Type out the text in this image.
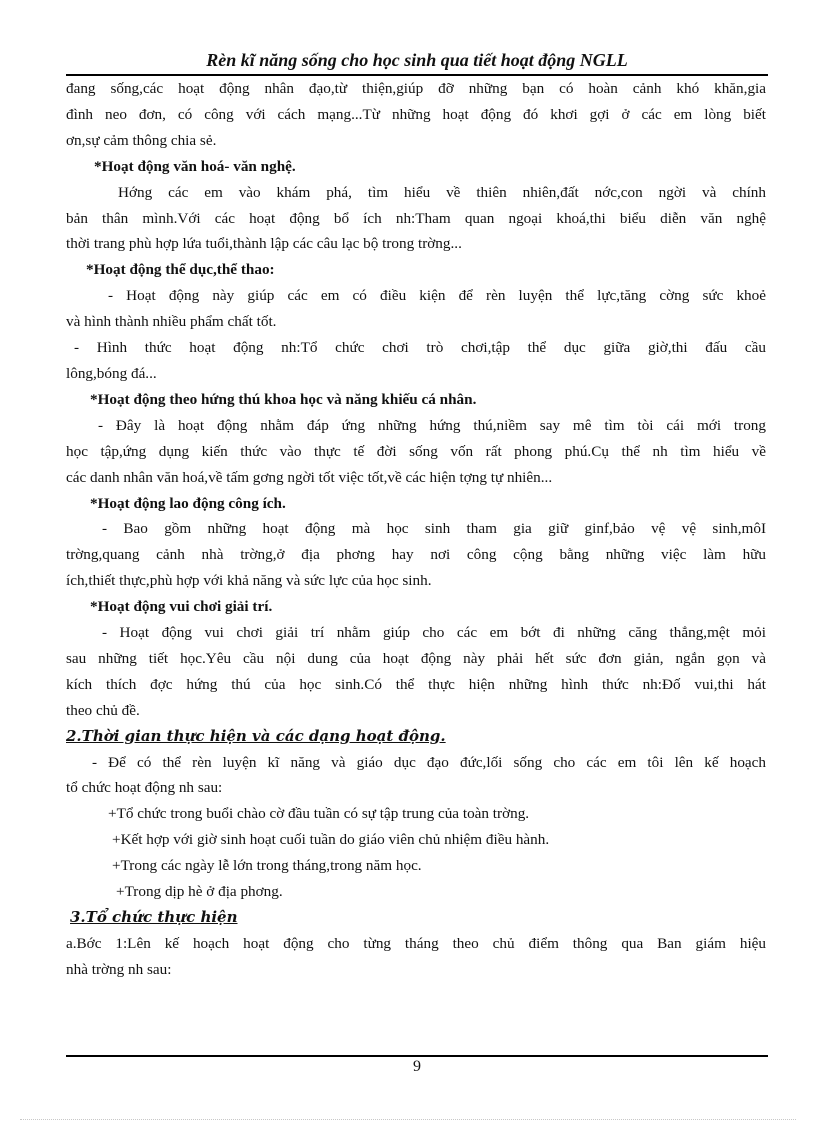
Rèn kĩ năng sống cho học sinh qua tiết hoạt động NGLL

đang sống,các hoạt động nhân đạo,từ thiện,giúp đỡ những bạn có hoàn cảnh khó khăn,gia

đình neo đơn, có công với cách mạng...Từ những hoạt động đó khơi gợi ở các em lòng biết

ơn,sự cảm thông chia sẻ.

*Hoạt động văn hoá- văn nghệ.

Hớng các em vào khám phá, tìm hiểu về thiên nhiên,đất nớc,con ngời và chính

bản thân mình.Với các hoạt động bổ ích nh:Tham quan ngoại khoá,thi biểu diễn văn nghệ

thời trang phù hợp lứa tuổi,thành lập các câu lạc bộ trong trờng...

*Hoạt động thể dục,thể thao:

- Hoạt động này giúp các em có điều kiện để rèn luyện thể lực,tăng cờng sức khoẻ

và hình thành nhiều phẩm chất tốt.

- Hình thức hoạt động nh:Tổ chức chơi trò chơi,tập thể dục giữa giờ,thi đấu cầu

lông,bóng đá...

*Hoạt động theo hứng thú khoa học và năng khiếu cá nhân.

- Đây là hoạt động nhằm đáp ứng những hứng thú,niềm say mê tìm tòi cái mới trong

học tập,ứng dụng kiến thức vào thực tế đời sống vốn rất phong phú.Cụ thể nh tìm hiểu về

các danh nhân văn hoá,về tấm gơng ngời tốt việc tốt,về các hiện tợng tự nhiên...

*Hoạt động lao động công ích.

- Bao gồm những hoạt động mà học sinh tham gia giữ ginf,bảo vệ vệ sinh,môI

trờng,quang cảnh nhà trờng,ở địa phơng hay nơi công cộng bằng những việc làm hữu

ích,thiết thực,phù hợp với khả năng và sức lực của học sinh.

*Hoạt động vui chơi giải trí.

- Hoạt động vui chơi giải trí nhằm giúp cho các em bớt đi những căng thẳng,mệt mỏi

sau những tiết học.Yêu cầu nội dung của hoạt động này phải hết sức đơn giản, ngắn gọn và

kích thích đợc hứng thú của học sinh.Có thể thực hiện những hình thức nh:Đố vui,thi hát

theo chủ đề.

2.Thời gian thực hiện và các dạng hoạt động.

- Để có thể rèn luyện kĩ năng và giáo dục đạo đức,lối sống cho các em tôi lên kế hoạch

tổ chức hoạt động nh sau:

+Tổ chức trong buổi chào cờ đầu tuần có sự tập trung của toàn trờng.

+Kết hợp với giờ sinh hoạt cuối tuần do giáo viên chủ nhiệm điều hành.

+Trong các ngày lễ lớn trong tháng,trong năm học.

+Trong dịp hè ở địa phơng.

3.Tổ chức thực hiện

a.Bớc 1:Lên kế hoạch hoạt động cho từng tháng theo chủ điểm thông qua Ban giám hiệu

nhà trờng nh sau:

9
